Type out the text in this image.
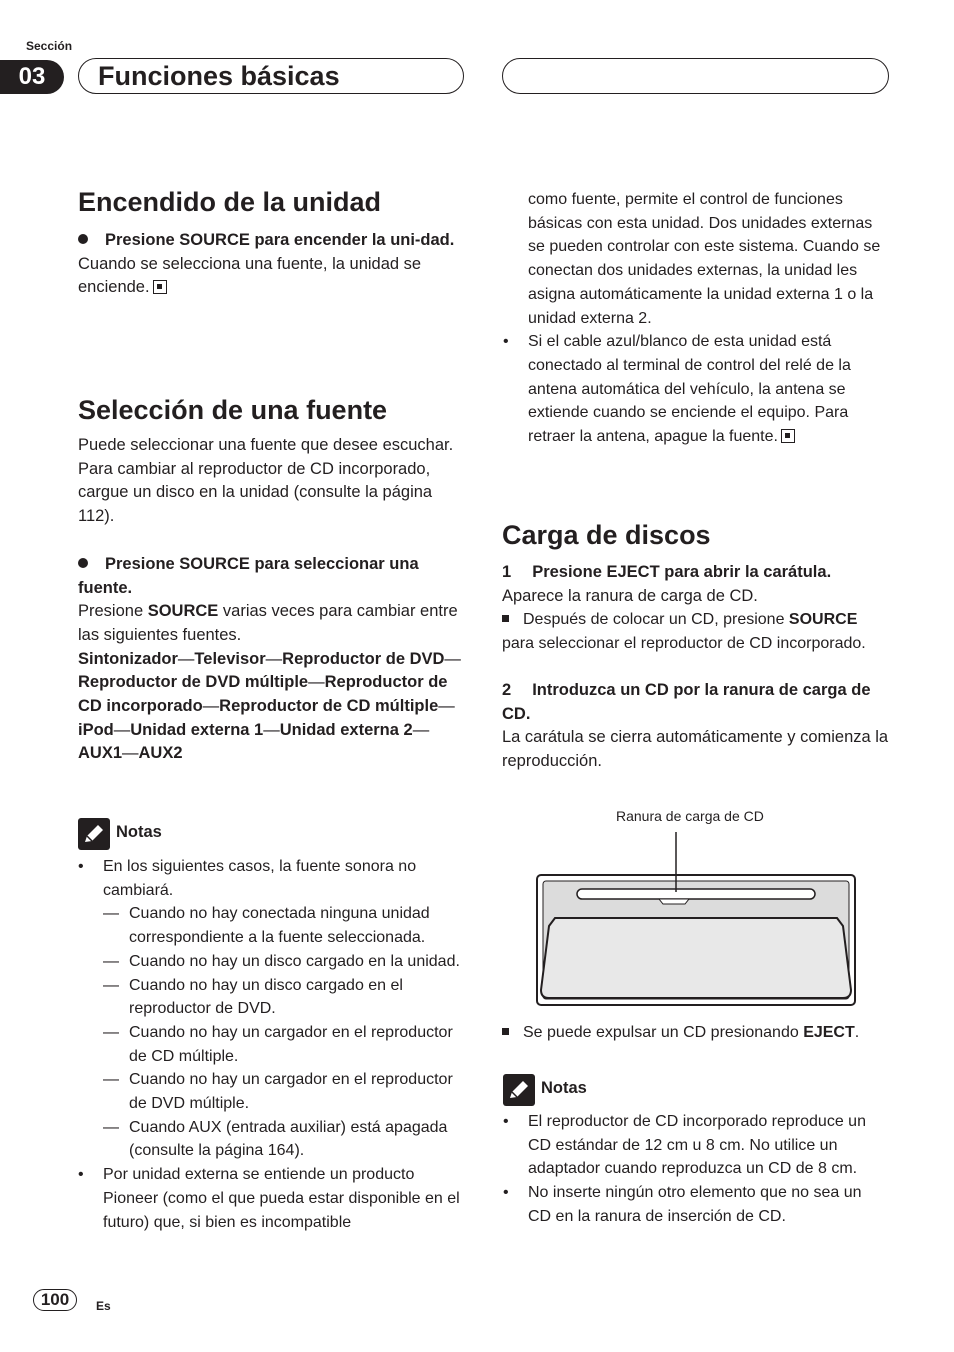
Sección
03	Funciones básicas
Encendido de la unidad

Presione SOURCE para encender la uni-dad.

Cuando se selecciona una fuente, la unidad se enciende.

Selección de una fuente

Puede seleccionar una fuente que desee escuchar. Para cambiar al reproductor de CD incorporado, cargue un disco en la unidad (consulte la página 112).

Presione SOURCE para seleccionar una fuente.

Presione SOURCE varias veces para cambiar entre las siguientes fuentes.

Sintonizador—Televisor—Reproductor de DVD—Reproductor de DVD múltiple—Reproductor de CD incorporado—Reproductor de CD múltiple—iPod—Unidad externa 1—Unidad externa 2—AUX1—AUX2

Notas
• En los siguientes casos, la fuente sonora no cambiará.
— Cuando no hay conectada ninguna unidad correspondiente a la fuente seleccionada.
— Cuando no hay un disco cargado en la unidad.
— Cuando no hay un disco cargado en el reproductor de DVD.
— Cuando no hay un cargador en el reproductor de CD múltiple.
— Cuando no hay un cargador en el reproductor de DVD múltiple.
— Cuando AUX (entrada auxiliar) está apagada (consulte la página 164).
• Por unidad externa se entiende un producto Pioneer (como el que pueda estar disponible en el futuro) que, si bien es incompatible

como fuente, permite el control de funciones básicas con esta unidad. Dos unidades externas se pueden controlar con este sistema. Cuando se conectan dos unidades externas, la unidad les asigna automáticamente la unidad externa 1 o la unidad externa 2.

• Si el cable azul/blanco de esta unidad está conectado al terminal de control del relé de la antena automática del vehículo, la antena se extiende cuando se enciende el equipo. Para retraer la antena, apague la fuente.
Carga de discos

1 Presione EJECT para abrir la carátula.

Aparece la ranura de carga de CD.

Después de colocar un CD, presione SOURCE para seleccionar el reproductor de CD incorporado.

2 Introduzca un CD por la ranura de carga de CD.

La carátula se cierra automáticamente y comienza la reproducción.

Ranura de carga de CD

Se puede expulsar un CD presionando EJECT.

Notas
• El reproductor de CD incorporado reproduce un CD estándar de 12 cm u 8 cm. No utilice un adaptador cuando reproduzca un CD de 8 cm.
• No inserte ningún otro elemento que no sea un CD en la ranura de inserción de CD.
100	Es
